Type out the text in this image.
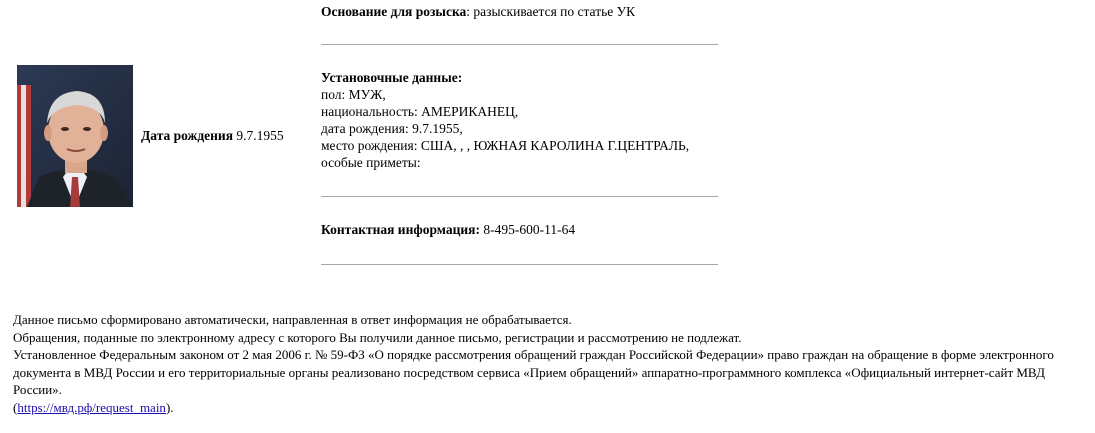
Дата рождения 9.7.1955
Основание для розыска: разыскивается по статье УК
Установочные данные:
пол: МУЖ,
национальность: АМЕРИКАНЕЦ,
дата рождения: 9.7.1955,
место рождения: США, , , ЮЖНАЯ КАРОЛИНА Г.ЦЕНТРАЛЬ,
особые приметы:
Контактная информация: 8-495-600-11-64

Данное письмо сформировано автоматически, направленная в ответ информация не обрабатывается.

Обращения, поданные по электронному адресу с которого Вы получили данное письмо, регистрации и рассмотрению не подлежат.

Установленное Федеральным законом от 2 мая 2006 г. № 59-ФЗ «О порядке рассмотрения обращений граждан Российской Федерации» право граждан на обращение в форме электронного документа в МВД России и его территориальные органы реализовано посредством сервиса «Прием обращений» аппаратно-программного комплекса «Официальный интернет-сайт МВД России».

(https://мвд.рф/request_main).
